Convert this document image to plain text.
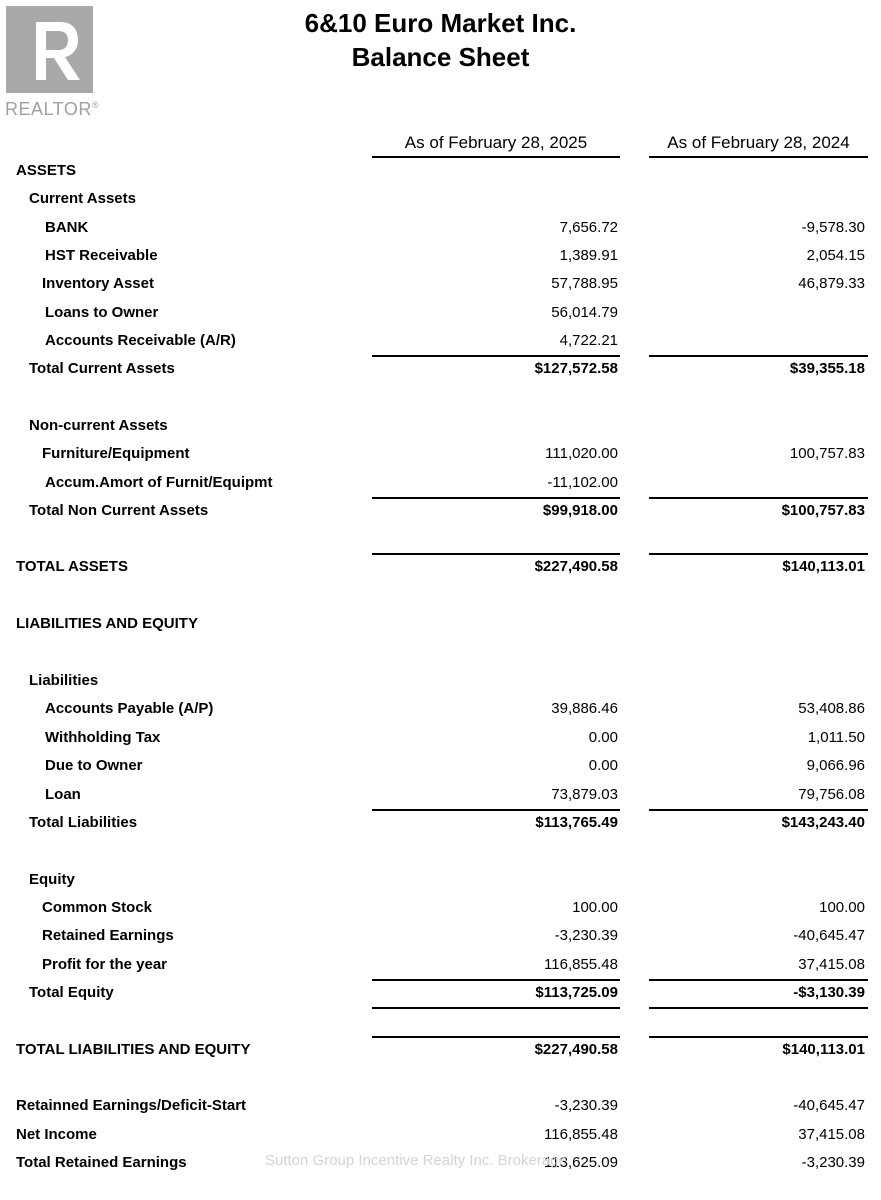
REALTOR®
6&10 Euro Market Inc.
Balance Sheet
As of February 28, 2025	As of February 28, 2024
ASSETS
Current Assets
BANK	7,656.72	-9,578.30
HST Receivable	1,389.91	2,054.15
Inventory Asset	57,788.95	46,879.33
Loans to Owner	56,014.79
Accounts Receivable (A/R)	4,722.21
Total Current Assets	$127,572.58	$39,355.18
Non-current Assets
Furniture/Equipment	111,020.00	100,757.83
Accum.Amort of Furnit/Equipmt	-11,102.00
Total Non Current Assets	$99,918.00	$100,757.83
TOTAL ASSETS	$227,490.58	$140,113.01
LIABILITIES AND EQUITY
Liabilities
Accounts Payable (A/P)	39,886.46	53,408.86
Withholding Tax	0.00	1,011.50
Due to Owner	0.00	9,066.96
Loan	73,879.03	79,756.08
Total Liabilities	$113,765.49	$143,243.40
Equity
Common Stock	100.00	100.00
Retained Earnings	-3,230.39	-40,645.47
Profit for the year	116,855.48	37,415.08
Total Equity	$113,725.09	-$3,130.39
TOTAL LIABILITIES AND EQUITY	$227,490.58	$140,113.01
Retainned Earnings/Deficit-Start	-3,230.39	-40,645.47
Net Income	116,855.48	37,415.08
Total Retained Earnings	113,625.09	-3,230.39
Sutton Group Incentive Realty Inc. Brokerage
